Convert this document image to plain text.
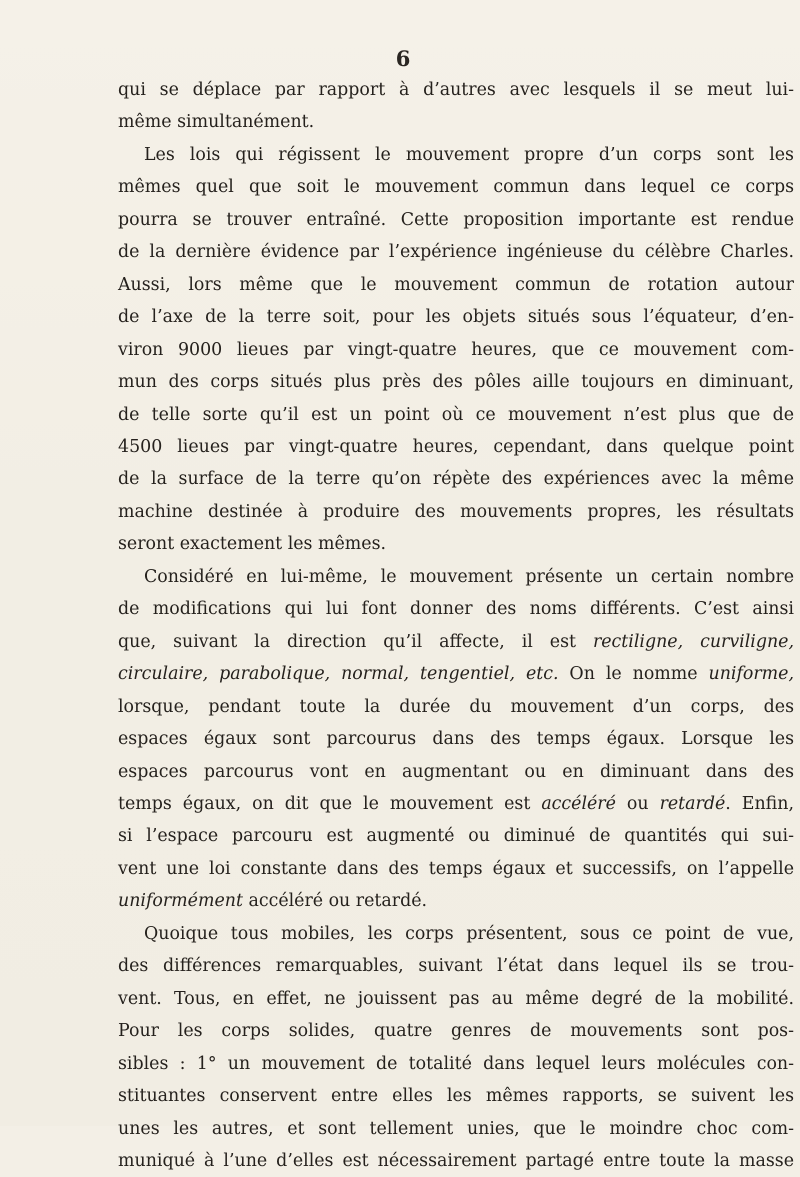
6
qui se déplace par rapport à d’autres avec lesquels il se meut lui-
même simultanément.
Les lois qui régissent le mouvement propre d’un corps sont les
mêmes quel que soit le mouvement commun dans lequel ce corps
pourra se trouver entraîné. Cette proposition importante est rendue
de la dernière évidence par l’expérience ingénieuse du célèbre Charles.
Aussi, lors même que le mouvement commun de rotation autour
de l’axe de la terre soit, pour les objets situés sous l’équateur, d’en-
viron 9000 lieues par vingt-quatre heures, que ce mouvement com-
mun des corps situés plus près des pôles aille toujours en diminuant,
de telle sorte qu’il est un point où ce mouvement n’est plus que de
4500 lieues par vingt-quatre heures, cependant, dans quelque point
de la surface de la terre qu’on répète des expériences avec la même
machine destinée à produire des mouvements propres, les résultats
seront exactement les mêmes.
Considéré en lui-même, le mouvement présente un certain nombre
de modifications qui lui font donner des noms différents. C’est ainsi
que, suivant la direction qu’il affecte, il est rectiligne, curviligne,
circulaire, parabolique, normal, tengentiel, etc. On le nomme uniforme,
lorsque, pendant toute la durée du mouvement d’un corps, des
espaces égaux sont parcourus dans des temps égaux. Lorsque les
espaces parcourus vont en augmentant ou en diminuant dans des
temps égaux, on dit que le mouvement est accéléré ou retardé. Enfin,
si l’espace parcouru est augmenté ou diminué de quantités qui sui-
vent une loi constante dans des temps égaux et successifs, on l’appelle
uniformément accéléré ou retardé.
Quoique tous mobiles, les corps présentent, sous ce point de vue,
des différences remarquables, suivant l’état dans lequel ils se trou-
vent. Tous, en effet, ne jouissent pas au même degré de la mobilité.
Pour les corps solides, quatre genres de mouvements sont pos-
sibles : 1° un mouvement de totalité dans lequel leurs molécules con-
stituantes conservent entre elles les mêmes rapports, se suivent les
unes les autres, et sont tellement unies, que le moindre choc com-
muniqué à l’une d’elles est nécessairement partagé entre toute la masse
